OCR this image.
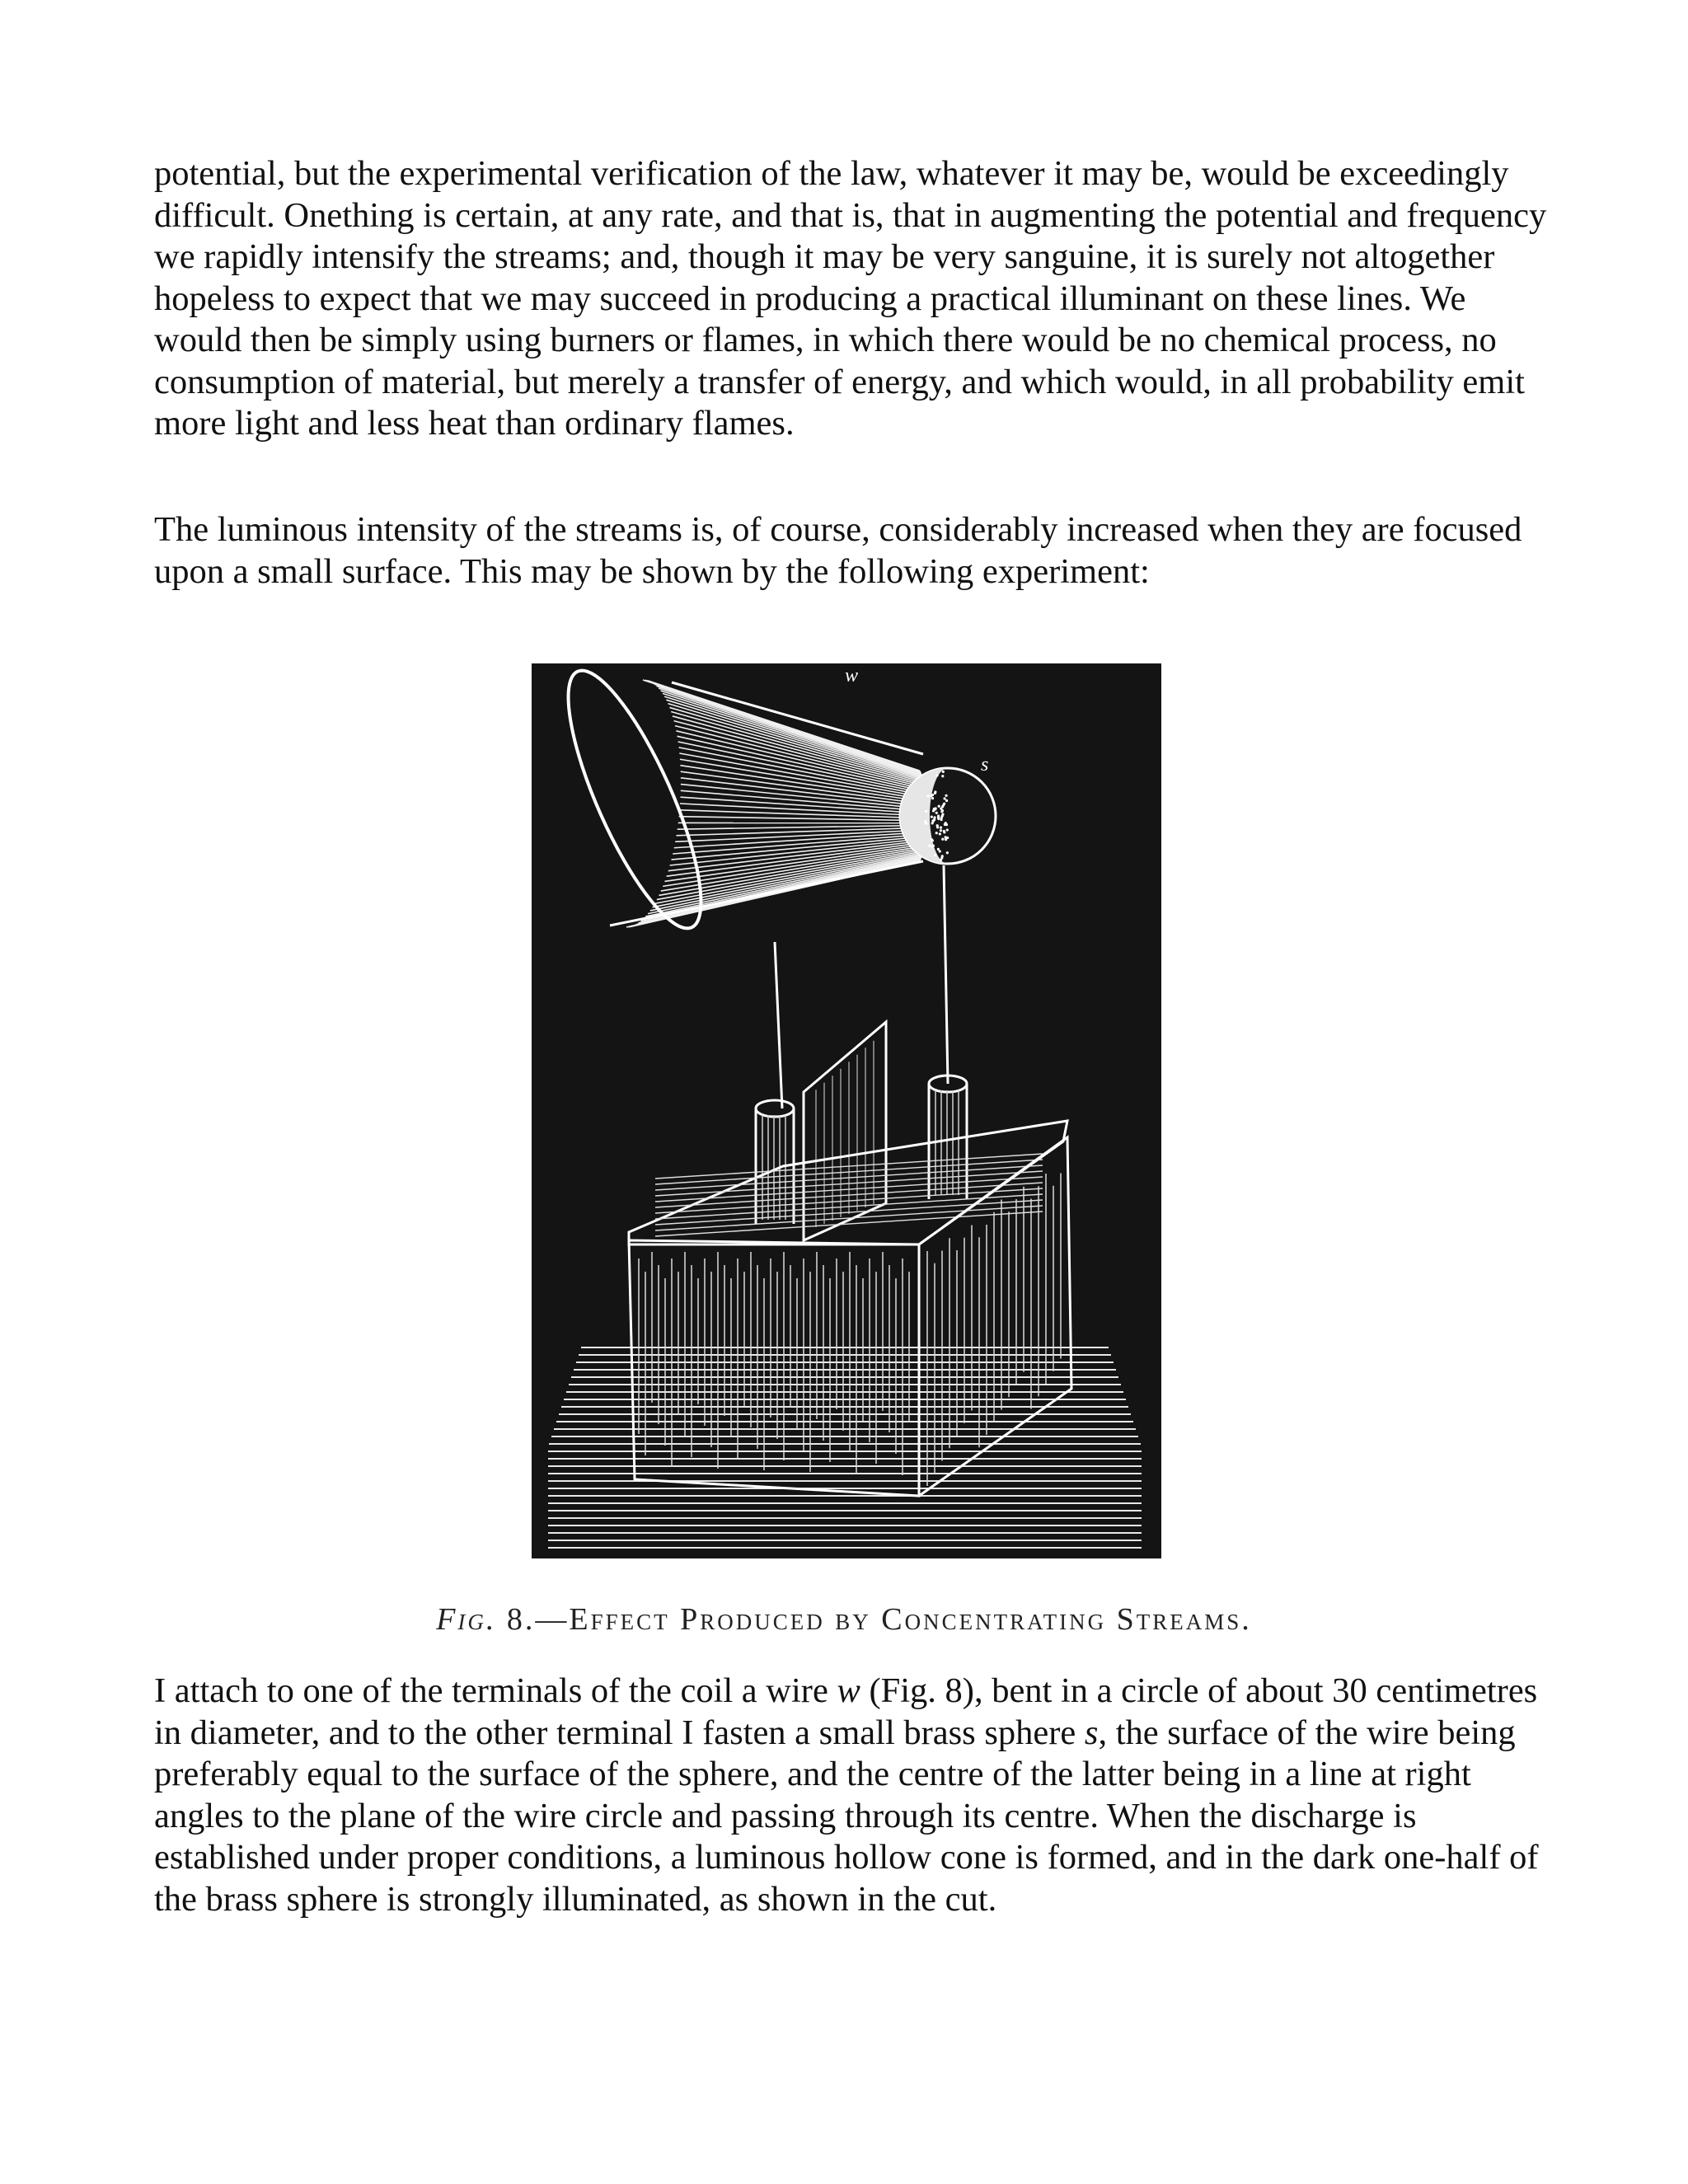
potential, but the experimental verification of the law, whatever it may be, would be exceedingly difficult. Onething is certain, at any rate, and that is, that in augmenting the potential and frequency we rapidly intensify the streams; and, though it may be very sanguine, it is surely not altogether hopeless to expect that we may succeed in producing a practical illuminant on these lines. We would then be simply using burners or flames, in which there would be no chemical process, no consumption of material, but merely a transfer of energy, and which would, in all probability emit more light and less heat than ordinary flames.

The luminous intensity of the streams is, of course, considerably increased when they are focused upon a small surface. This may be shown by the following experiment:

w
s
Fig. 8.—Effect Produced by Concentrating Streams.

I attach to one of the terminals of the coil a wire w (Fig. 8), bent in a circle of about 30 centimetres in diameter, and to the other terminal I fasten a small brass sphere s, the surface of the wire being preferably equal to the surface of the sphere, and the centre of the latter being in a line at right angles to the plane of the wire circle and passing through its centre. When the discharge is established under proper conditions, a luminous hollow cone is formed, and in the dark one-half of the brass sphere is strongly illuminated, as shown in the cut.
